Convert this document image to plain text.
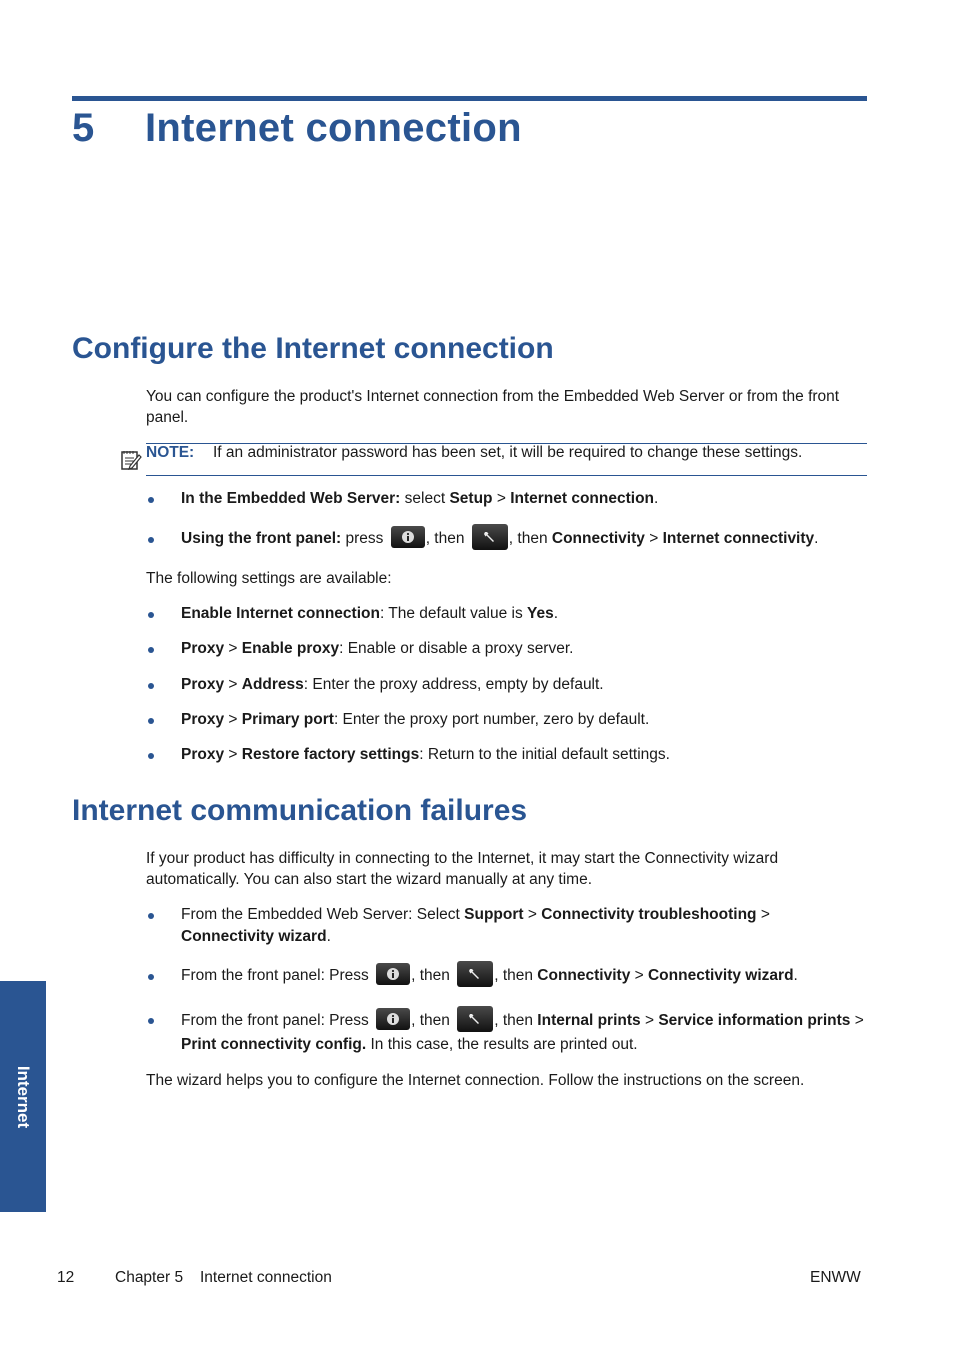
5 Internet connection
Configure the Internet connection

You can configure the product's Internet connection from the Embedded Web Server or from the front panel.

NOTE: If an administrator password has been set, it will be required to change these settings.
In the Embedded Web Server: select Setup > Internet connection.
Using the front panel: press
, then	, then Connectivity > Internet connectivity.

The following settings are available:

Enable Internet connection: The default value is Yes.
Proxy > Enable proxy: Enable or disable a proxy server.
Proxy > Address: Enter the proxy address, empty by default.
Proxy > Primary port: Enter the proxy port number, zero by default.
Proxy > Restore factory settings: Return to the initial default settings.
Internet communication failures

If your product has difficulty in connecting to the Internet, it may start the Connectivity wizard automatically. You can also start the wizard manually at any time.

From the Embedded Web Server: Select Support > Connectivity troubleshooting > Connectivity wizard.
From the front panel: Press
, then	, then Connectivity > Connectivity wizard.
From the front panel: Press
, then	, then Internal prints > Service information prints > Print connectivity config. In this case, the results are printed out.

The wizard helps you to configure the Internet connection. Follow the instructions on the screen.

Internet
12	Chapter 5 Internet connection	ENWW
